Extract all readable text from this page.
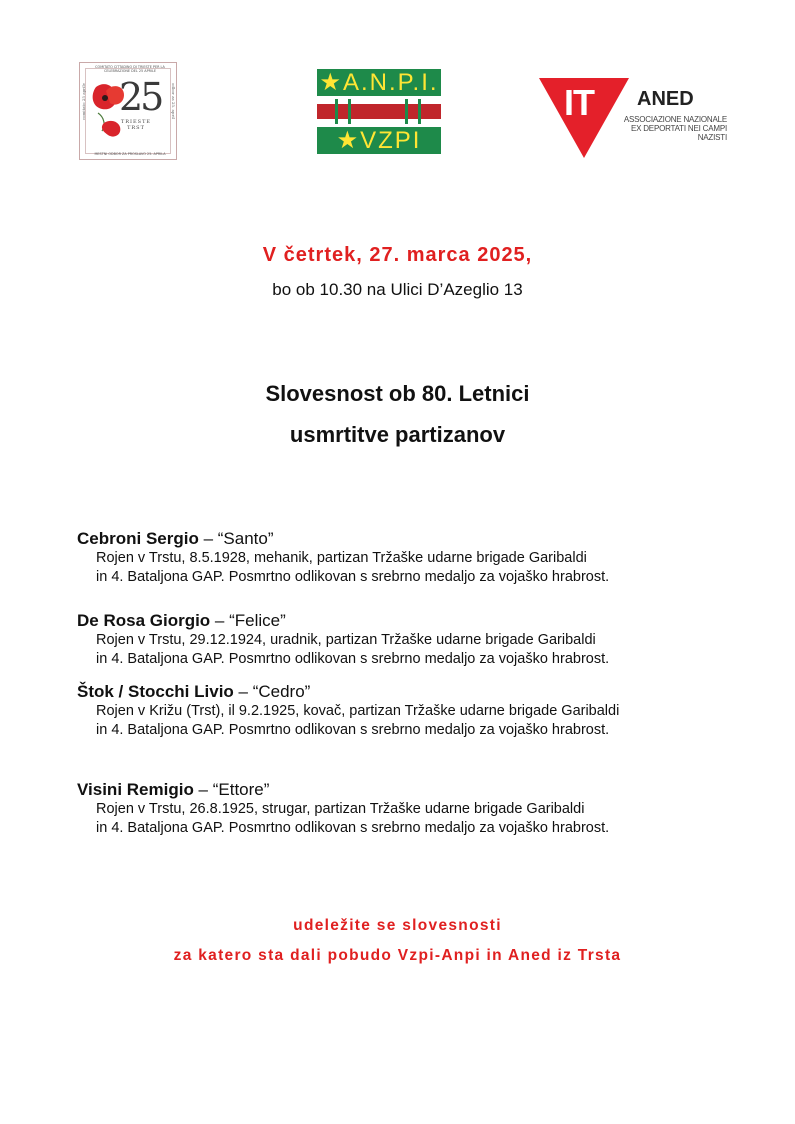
COMITATO CITTADINO DI TRIESTE PER LA CELEBRAZIONE DEL 25 APRILE
comitato 25 aprile	odbor za 25. april
25
TRIESTE
TRST
MESTNI ODBOR ZA PROSLAVO 25. APRILA
★A.N.P.I.
★VZPI
IT ANED
ASSOCIAZIONE NAZIONALE
EX DEPORTATI NEI CAMPI NAZISTI
V četrtek, 27. marca 2025,
bo ob 10.30 na Ulici D’Azeglio 13
Slovesnost ob 80. Letnici
usmrtitve partizanov
Cebroni Sergio – “Santo”
Rojen v Trstu, 8.5.1928, mehanik, partizan Tržaške udarne brigade Garibaldi
in 4. Bataljona GAP. Posmrtno odlikovan s srebrno medaljo za vojaško hrabrost.
De Rosa Giorgio – “Felice”
Rojen v Trstu, 29.12.1924, uradnik, partizan Tržaške udarne brigade Garibaldi
in 4. Bataljona GAP. Posmrtno odlikovan s srebrno medaljo za vojaško hrabrost.
Štok / Stocchi Livio – “Cedro”
Rojen v Križu (Trst), il 9.2.1925, kovač, partizan Tržaške udarne brigade Garibaldi
in 4. Bataljona GAP. Posmrtno odlikovan s srebrno medaljo za vojaško hrabrost.
Visini Remigio – “Ettore”
Rojen v Trstu, 26.8.1925, strugar, partizan Tržaške udarne brigade Garibaldi
in 4. Bataljona GAP. Posmrtno odlikovan s srebrno medaljo za vojaško hrabrost.
udeležite se slovesnosti
za katero sta dali pobudo Vzpi-Anpi in Aned iz Trsta
